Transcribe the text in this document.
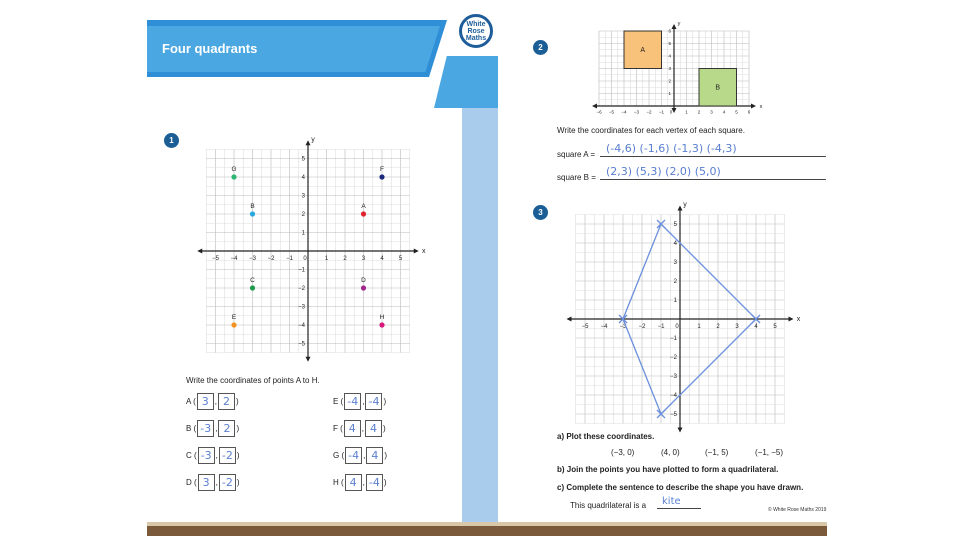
Four quadrants
White
Rose
Maths
1
−5 −4 −3 −2 −1 0	1	2	3	4	5
5
4
3
2
1
−1
−2
−3
−4
−5
x
y
G	F
B	A
C	D
E	H
Write the coordinates of points A to H.
A ( 3 , 2 )
B ( -3 , 2 )
C ( -3 , -2 )
D ( 3 , -2 )
E ( -4 , -4 )
F ( 4 , 4 )
G ( -4 , 4 )
H ( 4 , -4 )
2
−6 −5 −4 −3 −2 −1 0	1 2 3 4 5 6
6
5
4
3
2
1
x
y
A
B
Write the coordinates for each vertex of each square.
square A = (-4,6) (-1,6) (-1,3) (-4,3)
square B = (2,3) (5,3) (2,0) (5,0)
3
−5 −4 −3 −2 −1 0	1	2	3	4	5
5
4
3
2
1
−1
−2
−3
−4
−5
x
y
a) Plot these coordinates.
(−3, 0)	(4, 0)	(−1, 5)	(−1, −5)
b) Join the points you have plotted to form a quadrilateral.
c) Complete the sentence to describe the shape you have drawn.
This quadrilateral is a kite
© White Rose Maths 2019
